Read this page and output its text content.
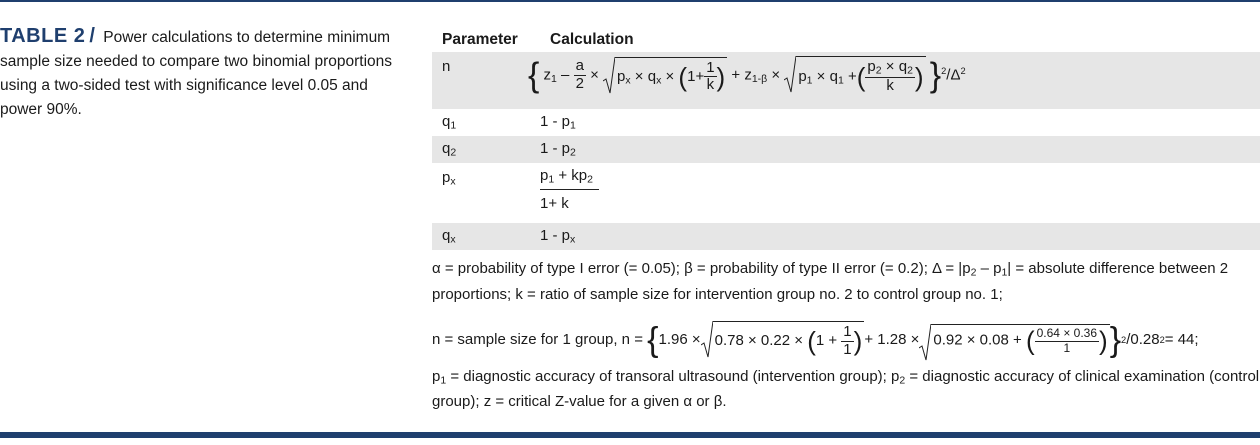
TABLE 2 / Power calculations to determine minimum sample size needed to compare two binomial proportions using a two-sided test with significance level 0.05 and power 90%.
Parameter	Calculation
n	{ $z_1 - \frac{a}{2}$ ×
$p_x \times q_x \times (1+ \frac{1}{k}$ ) + $z_{1-\beta}$ ×
$p_1 \times q_1$ +( $\frac{p_2 \times q_2}{k}$ ) }$^2/\Delta^2$
$q_1$	$1 - p_1$
$q_2$	$1 - p_2$
$p_x$	$\frac{p_1 + kp_2}{1+ k}$
$q_x$	$1 - p_x$

α = probability of type I error (= 0.05); β = probability of type II error (= 0.2); $\Delta = |p_2 - p_1|$ = absolute difference between 2 proportions; k = ratio of sample size for intervention group no. 2 to control group no. 1;

n = sample size for 1 group, n =
{ $1.96 \times 0.78 \times 0.22 \times (1 + \frac{1}{1}$ ) + 1.28 × 0.92 × 0.08 + ( $\frac{0.64 \times 0.36}{1}$ ) } 2 /0.28 2 = 44;

$p_1$ = diagnostic accuracy of transoral ultrasound (intervention group); $p_2$ = diagnostic accuracy of clinical examination (control group); z = critical Z-value for a given α or β.
